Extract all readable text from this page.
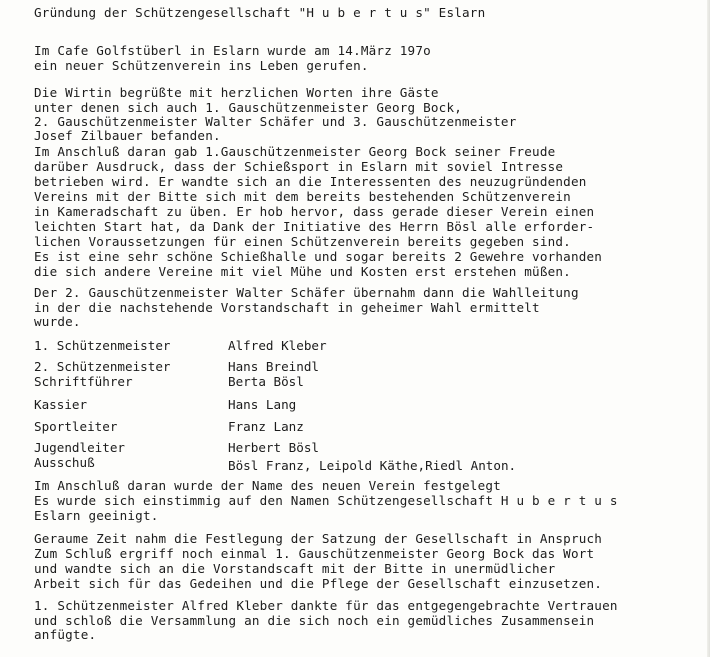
Gründung der Schützengesellschaft "H u b e r t u s" Eslarn
Im Cafe Golfstüberl in Eslarn wurde am 14.März 197o
ein neuer Schützenverein ins Leben gerufen.
Die Wirtin begrüßte mit herzlichen Worten ihre Gäste
unter denen sich auch 1. Gauschützenmeister Georg Bock,
2. Gauschützenmeister Walter Schäfer und 3. Gauschützenmeister
Josef Zilbauer befanden.
Im Anschluß daran gab 1.Gauschützenmeister Georg Bock seiner Freude
darüber Ausdruck, dass der Schießsport in Eslarn mit soviel Intresse
betrieben wird. Er wandte sich an die Interessenten des neuzugründenden
Vereins mit der Bitte sich mit dem bereits bestehenden Schützenverein
in Kameradschaft zu üben. Er hob hervor, dass gerade dieser Verein einen
leichten Start hat, da Dank der Initiative des Herrn Bösl alle erforder-
lichen Voraussetzungen für einen Schützenverein bereits gegeben sind.
Es ist eine sehr schöne Schießhalle und sogar bereits 2 Gewehre vorhanden
die sich andere Vereine mit viel Mühe und Kosten erst erstehen müßen.
Der 2. Gauschützenmeister Walter Schäfer übernahm dann die Wahlleitung
in der die nachstehende Vorstandschaft in geheimer Wahl ermittelt
wurde.
1. Schützenmeister	Alfred Kleber
2. Schützenmeister	Hans Breindl
Schriftführer	Berta Bösl
Kassier	Hans Lang
Sportleiter	Franz Lanz
Jugendleiter	Herbert Bösl
Ausschuß	Bösl Franz, Leipold Käthe,Riedl Anton.
Im Anschluß daran wurde der Name des neuen Verein festgelegt
Es wurde sich einstimmig auf den Namen Schützengesellschaft H u b e r t u s
Eslarn geeinigt.
Geraume Zeit nahm die Festlegung der Satzung der Gesellschaft in Anspruch
Zum Schluß ergriff noch einmal 1. Gauschützenmeister Georg Bock das Wort
und wandte sich an die Vorstandscaft mit der Bitte in unermüdlicher
Arbeit sich für das Gedeihen und die Pflege der Gesellschaft einzusetzen.
1. Schützenmeister Alfred Kleber dankte für das entgegengebrachte Vertrauen
und schloß die Versammlung an die sich noch ein gemüdliches Zusammensein
anfügte.
